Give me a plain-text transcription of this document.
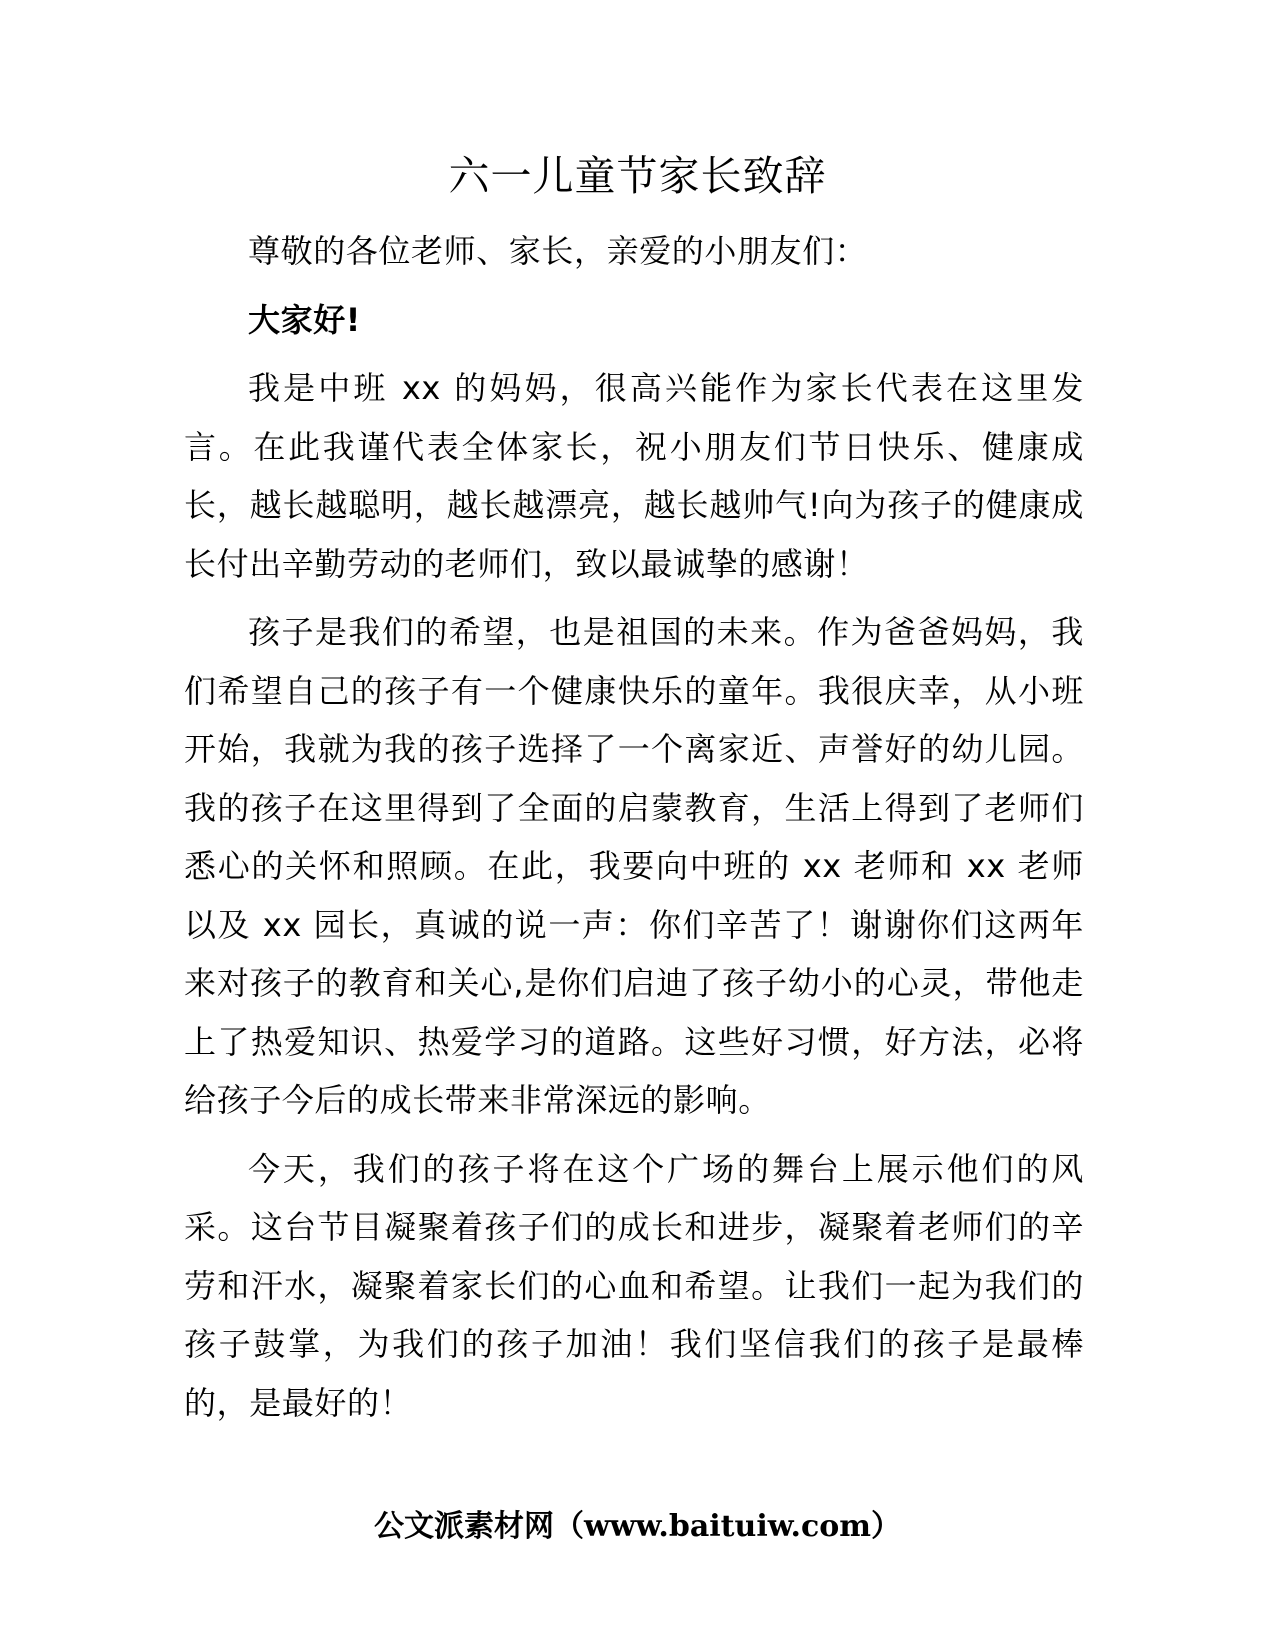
六一儿童节家长致辞

尊敬的各位老师、家长，亲爱的小朋友们：

大家好!

我是中班 xx 的妈妈，很高兴能作为家长代表在这里发言。在此我谨代表全体家长，祝小朋友们节日快乐、健康成长，越长越聪明，越长越漂亮，越长越帅气!向为孩子的健康成长付出辛勤劳动的老师们，致以最诚挚的感谢！

孩子是我们的希望，也是祖国的未来。作为爸爸妈妈，我们希望自己的孩子有一个健康快乐的童年。我很庆幸，从小班开始，我就为我的孩子选择了一个离家近、声誉好的幼儿园。我的孩子在这里得到了全面的启蒙教育，生活上得到了老师们悉心的关怀和照顾。在此，我要向中班的 xx 老师和 xx 老师以及 xx 园长，真诚的说一声：你们辛苦了！谢谢你们这两年来对孩子的教育和关心,是你们启迪了孩子幼小的心灵，带他走上了热爱知识、热爱学习的道路。这些好习惯，好方法，必将给孩子今后的成长带来非常深远的影响。

今天，我们的孩子将在这个广场的舞台上展示他们的风采。这台节目凝聚着孩子们的成长和进步，凝聚着老师们的辛劳和汗水，凝聚着家长们的心血和希望。让我们一起为我们的孩子鼓掌，为我们的孩子加油！我们坚信我们的孩子是最棒的，是最好的！

公文派素材网（www.baituiw.com）
